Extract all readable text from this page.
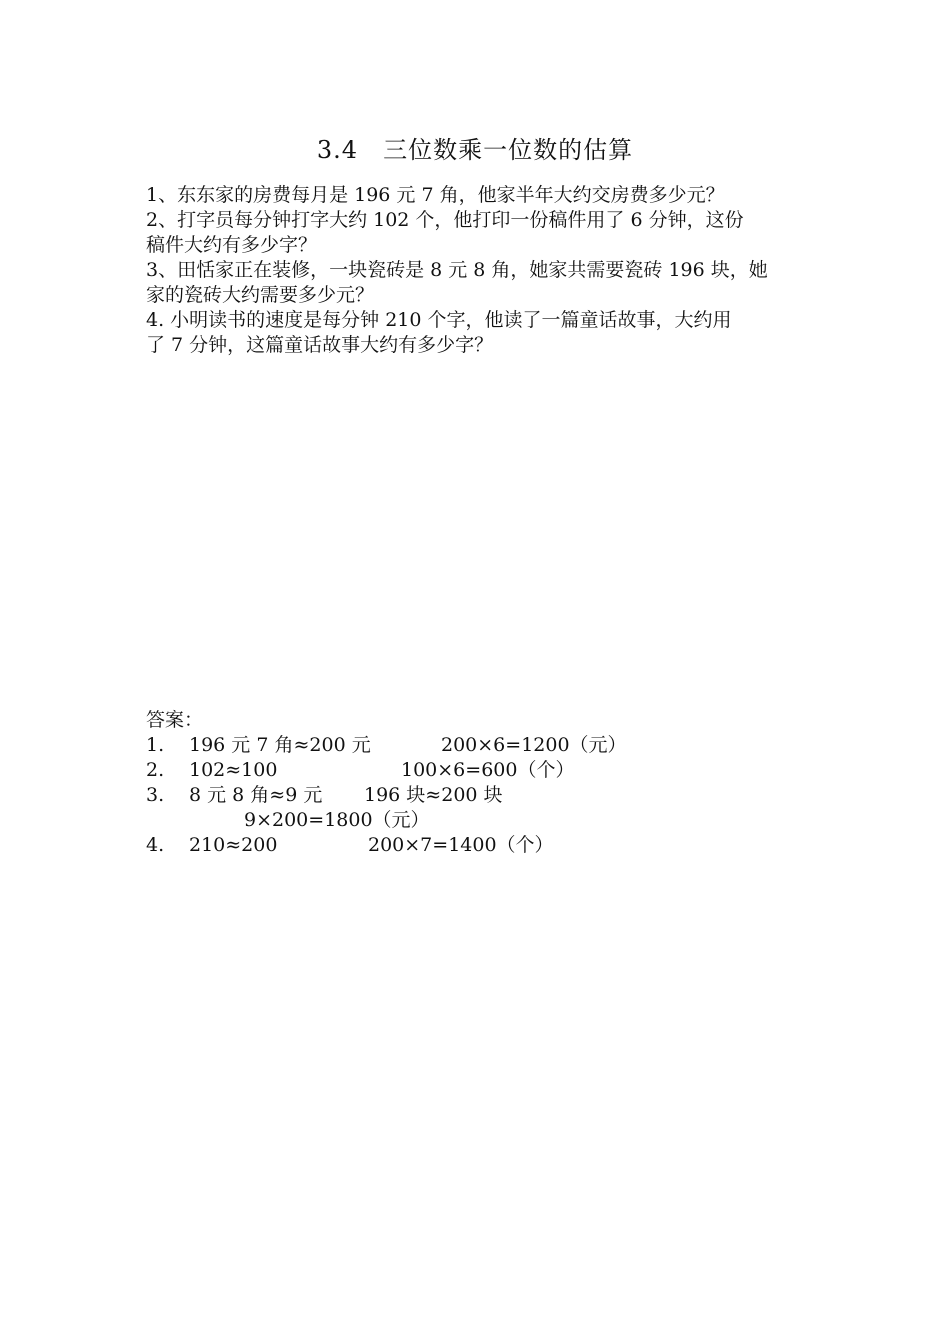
3.4　三位数乘一位数的估算
1、东东家的房费每月是 196 元 7 角，他家半年大约交房费多少元？
2、打字员每分钟打字大约 102 个，他打印一份稿件用了 6 分钟，这份
稿件大约有多少字？
3、田恬家正在装修，一块瓷砖是 8 元 8 角，她家共需要瓷砖 196 块，她
家的瓷砖大约需要多少元？
4. 小明读书的速度是每分钟 210 个字，他读了一篇童话故事，大约用
了 7 分钟，这篇童话故事大约有多少字？
答案：
1. 196 元 7 角≈200 元	200×6=1200（元）
2. 102≈100	100×6=600（个）
3. 8 元 8 角≈9 元 196 块≈200 块
9×200=1800（元）
4. 210≈200	200×7=1400（个）
